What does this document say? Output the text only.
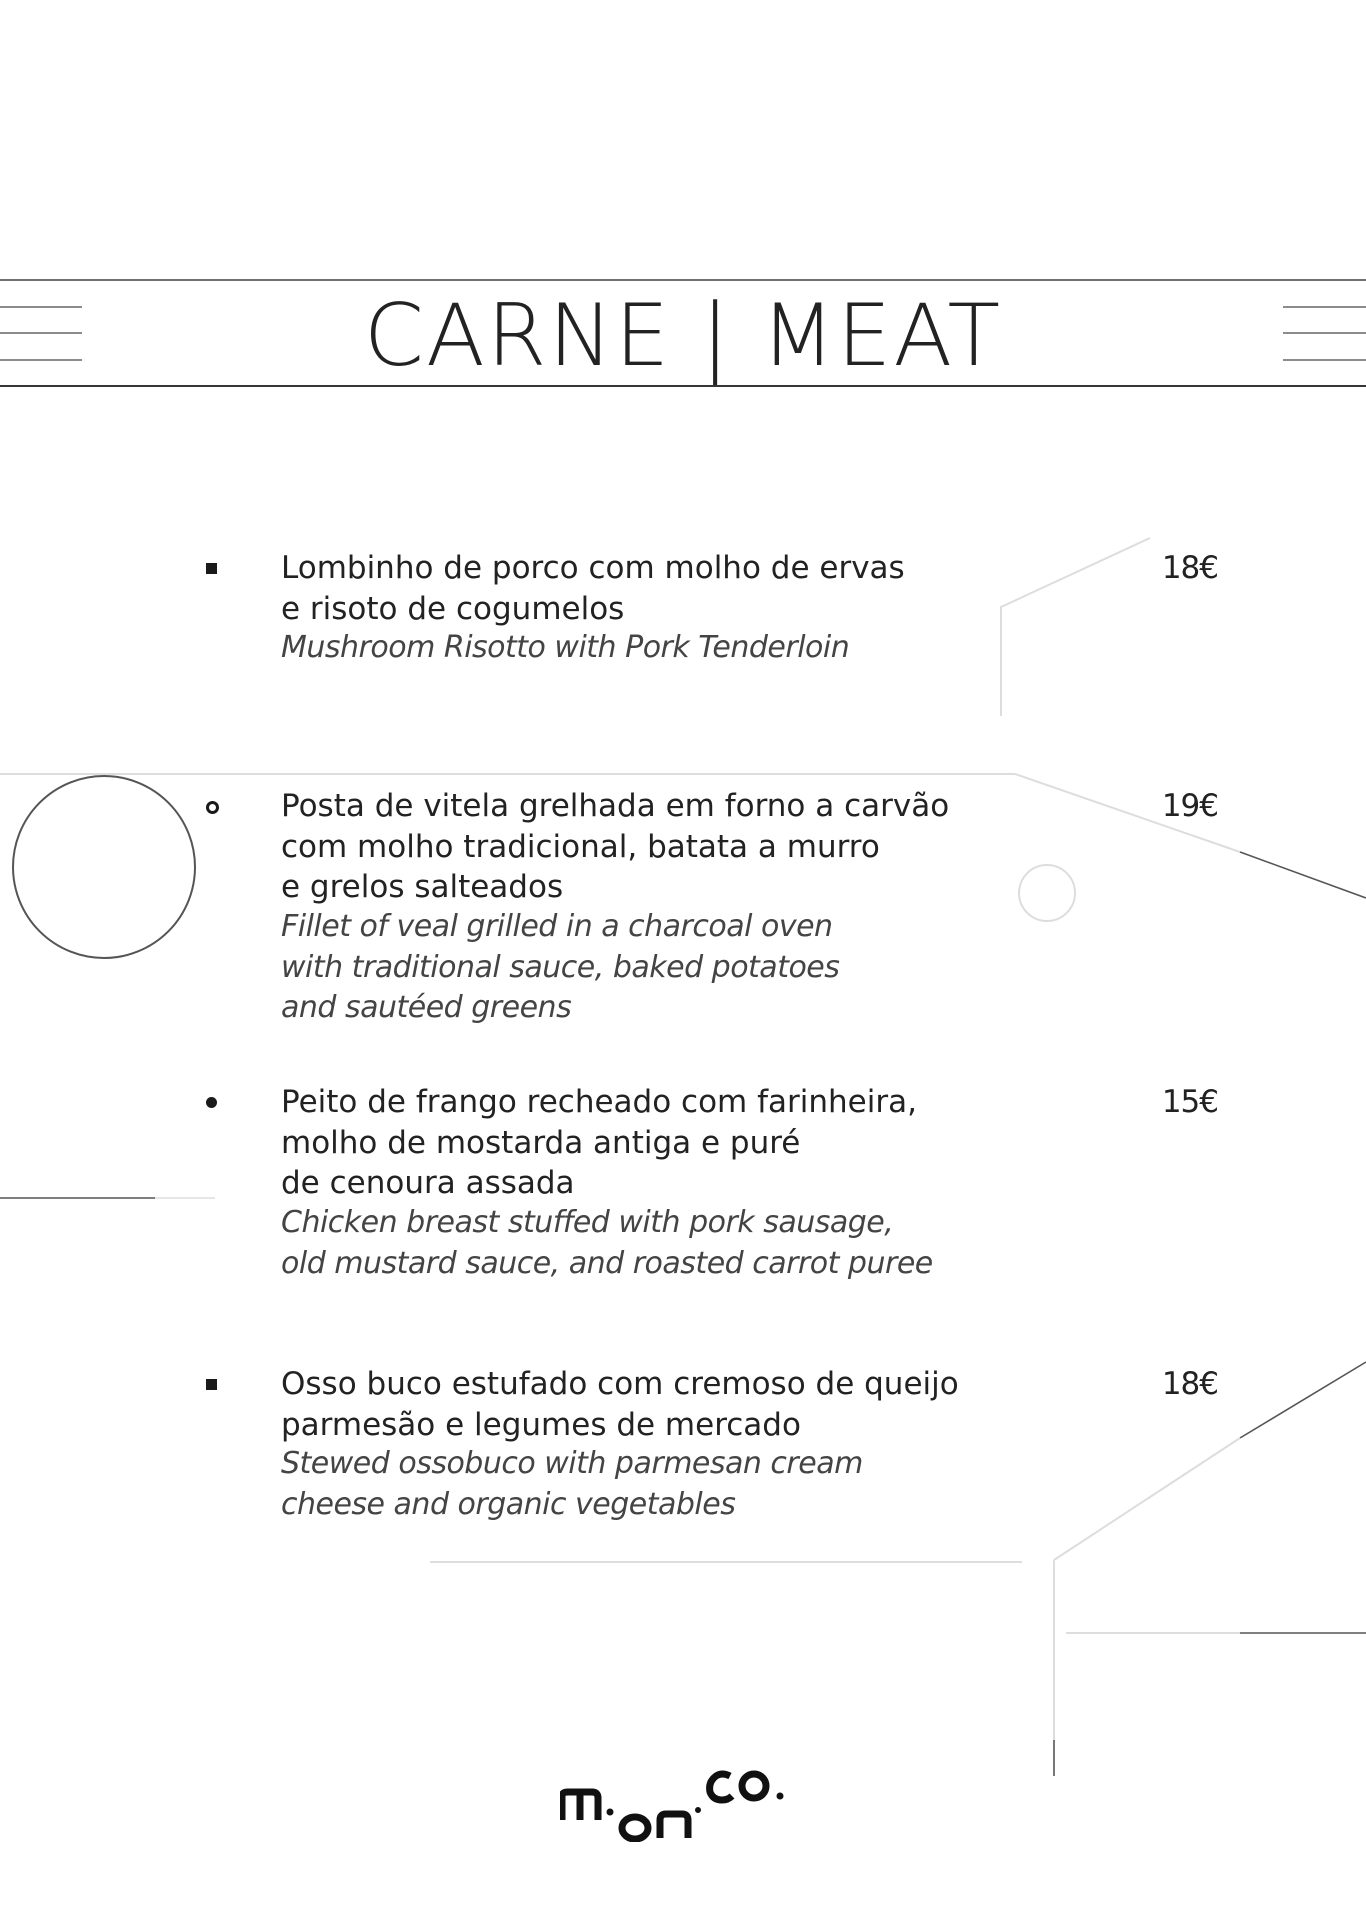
CARNE | MEAT
Lombinho de porco com molho de ervas
e risoto de cogumelos
Mushroom Risotto with Pork Tenderloin
18€
Posta de vitela grelhada em forno a carvão
com molho tradicional, batata a murro
e grelos salteados
Fillet of veal grilled in a charcoal oven
with traditional sauce, baked potatoes
and sautéed greens
19€
Peito de frango recheado com farinheira,
molho de mostarda antiga e puré
de cenoura assada
Chicken breast stuffed with pork sausage,
old mustard sauce, and roasted carrot puree
15€
Osso buco estufado com cremoso de queijo
parmesão e legumes de mercado
Stewed ossobuco with parmesan cream
cheese and organic vegetables
18€
